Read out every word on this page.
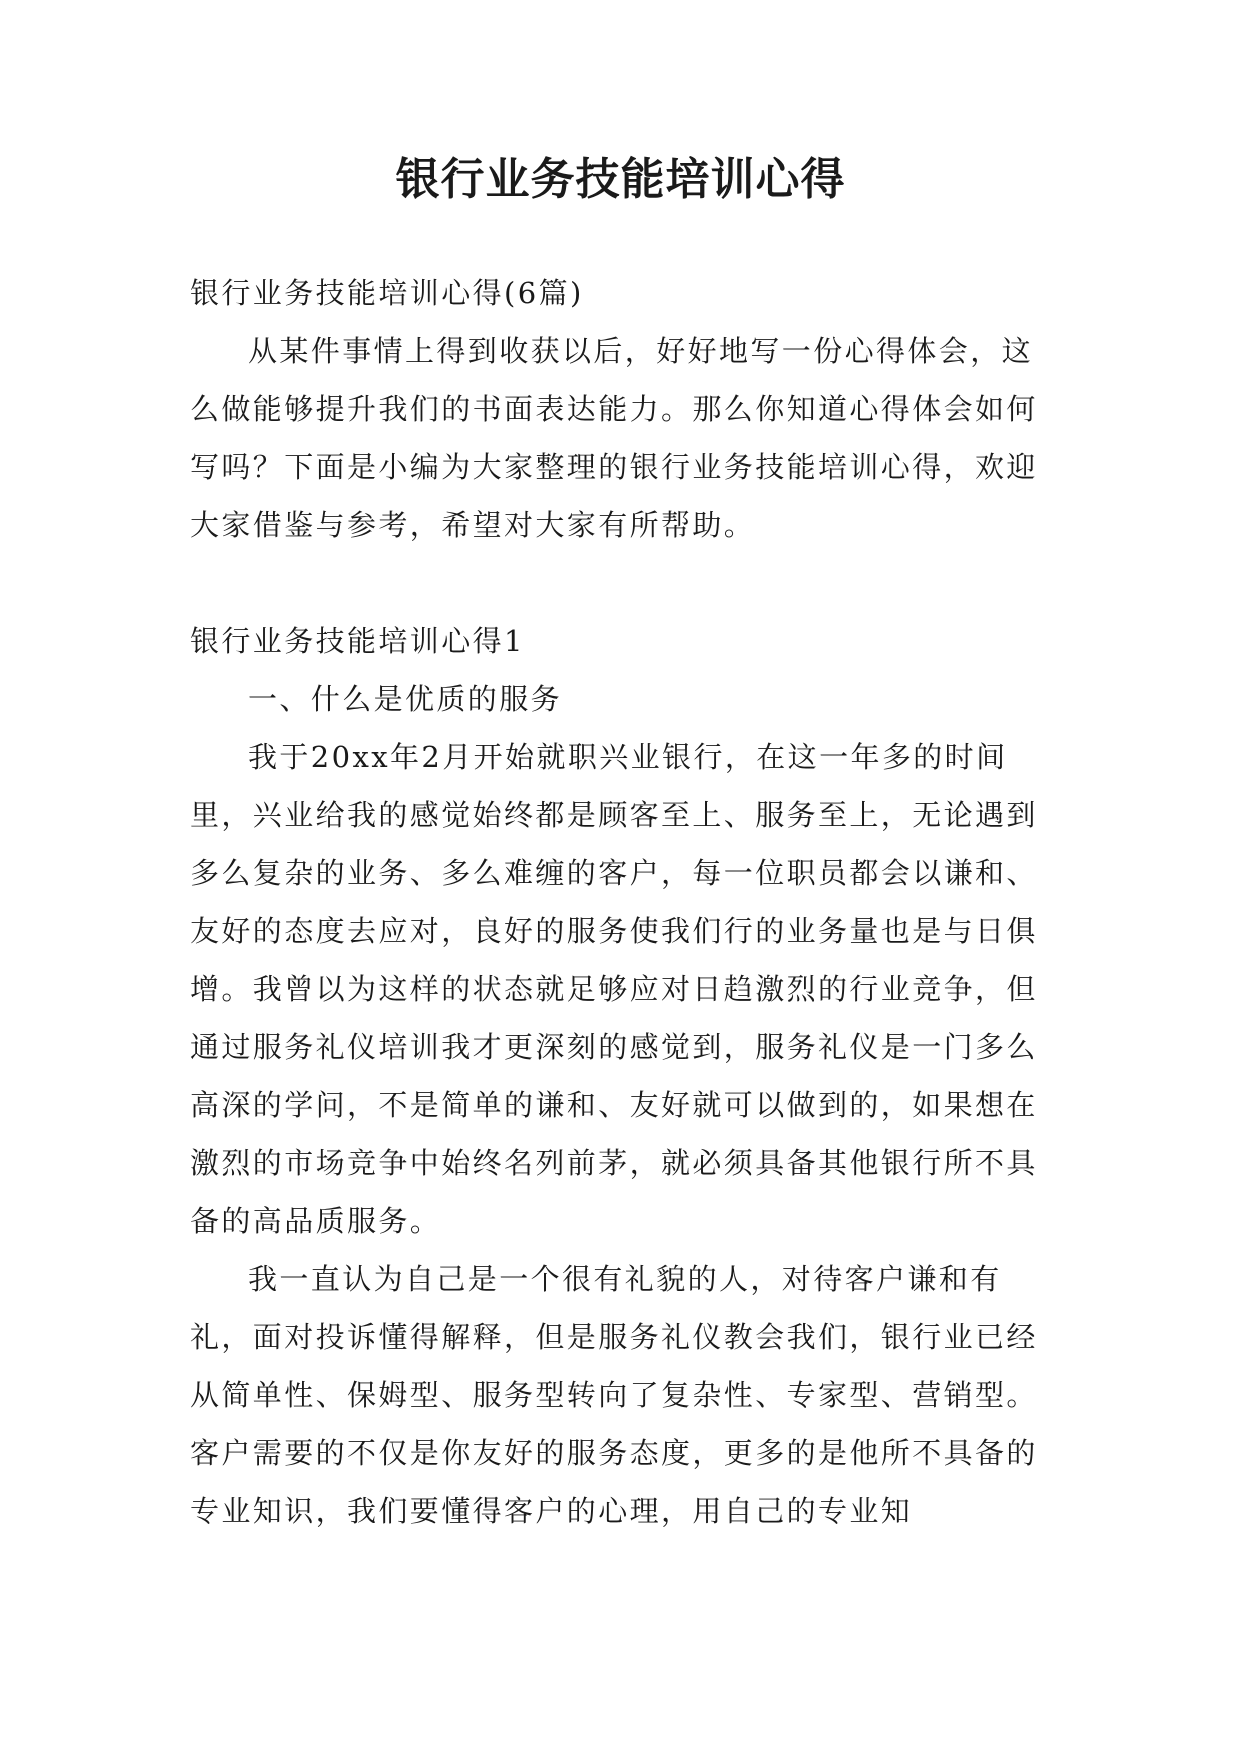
银行业务技能培训心得

银行业务技能培训心得(6篇)

从某件事情上得到收获以后，好好地写一份心得体会，这么做能够提升我们的书面表达能力。那么你知道心得体会如何写吗？下面是小编为大家整理的银行业务技能培训心得，欢迎大家借鉴与参考，希望对大家有所帮助。

银行业务技能培训心得1

一、什么是优质的服务

我于20xx年2月开始就职兴业银行，在这一年多的时间里，兴业给我的感觉始终都是顾客至上、服务至上，无论遇到多么复杂的业务、多么难缠的客户，每一位职员都会以谦和、友好的态度去应对，良好的服务使我们行的业务量也是与日俱增。我曾以为这样的状态就足够应对日趋激烈的行业竞争，但通过服务礼仪培训我才更深刻的感觉到，服务礼仪是一门多么高深的学问，不是简单的谦和、友好就可以做到的，如果想在激烈的市场竞争中始终名列前茅，就必须具备其他银行所不具备的高品质服务。

我一直认为自己是一个很有礼貌的人，对待客户谦和有礼，面对投诉懂得解释，但是服务礼仪教会我们，银行业已经从简单性、保姆型、服务型转向了复杂性、专家型、营销型。客户需要的不仅是你友好的服务态度，更多的是他所不具备的专业知识，我们要懂得客户的心理，用自己的专业知
